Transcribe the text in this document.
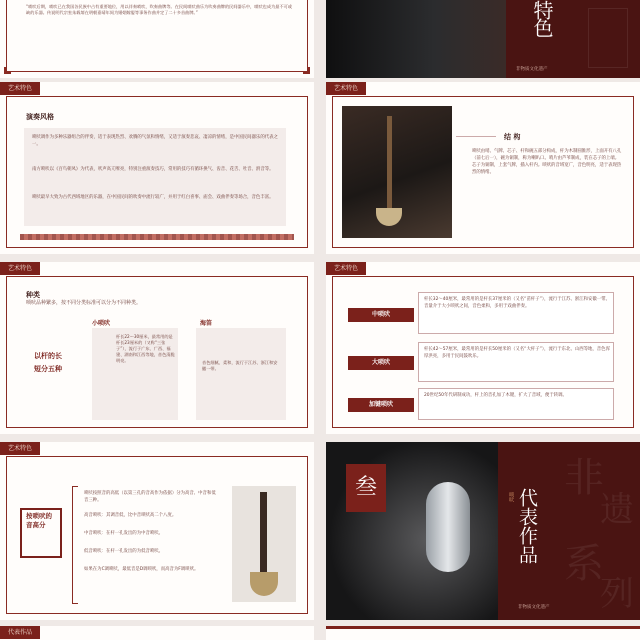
“唢吠后期，唢吠已在我国各民族中占有重要地位，用以伴奏唢吠、吹奏曲牌等。在民间唢吠曲乐为吹奏曲牌的民间器乐中，唢吠也成为最不可或缺的乐器。传说明代宗室朱载堉在明朝嘉靖年间为婚姻嫁娶等事务作曲并定了二十多首曲牌。”	特
色
非物质文化遗产
艺术特色
演奏风格
唢吠调作为多种乐器组合的伴奏，适于表现热烈、欢腾的气氛和情绪，又适于演奏悲哀、凄凉的情绪，是中国民间器乐的代表之一。
南方唢吠以《百鸟朝凤》为代表，吠声高亢嘹亮，特别注重演奏技巧，常用的技巧有循环换气、齿音、花舌、吐音、滑音等。
唢吠最早大致为古代西域地区的乐器，在中国民间的吹奏中流行较广，并用于红白喜事、庙会、戏曲伴奏等场合，音色丰富。
艺术特色
结 构
唢吠由哨、气牌、芯子、杆和碗五部分构成，杆为木制圆锥形，上面开有八孔（前七后一），碗为铜制，称为喇叭口。哨片由芦苇制成，装在芯子的上端。芯子为铜制，上套气牌，插入杆内。唢吠的音域宽广，音色明亮，适于表现热烈的情绪。
艺术特色
种类
唢吠品种繁多，按不同分类标准可以分为不同种类。
以杆的长短分五种
小唢吠
杆长22～30厘米，最常用的是杆长23厘米的（又称“三张子”），流行于广东、广西、福建、湖南和江西等地，音色清脆明亮。
海笛
音色细腻、柔和，流行于江苏、浙江和安徽一带。
艺术特色
中唢吠
杆长32～40厘米，最常用的是杆长37厘米的（又名“苗杆子”），流行于江苏、浙江和安徽一带。音量介于大小唢吠之间，音色柔和，多用于戏曲伴奏。
大唢吠
杆长42～57厘米，最常用的是杆长50厘米的（又名“大杆子”），流行于东北、山西等地，音色浑厚洪亮，多用于民间鼓吹乐。
加键唢吠
20世纪50年代研制成功，杆上的音孔加了木键，扩大了音域，便于转调。
艺术特色
按唢吠的音高分
唢吠按照音的高低（以第三孔的音高作为依据）分为高音、中音和低音三种。
高音唢吠：其调音低，比中音唢吠高二个八度。
中音唢吠：在杆一孔发出的为中音唢吠。
低音唢吠：在杆一孔发出的为低音唢吠。
如果在为C调唢吠，最低音是D调唢吠，而高音为F调唢吠。
叁	唢吠 代表作品
非
遗
系
列
非物质文化遗产
代表作品
